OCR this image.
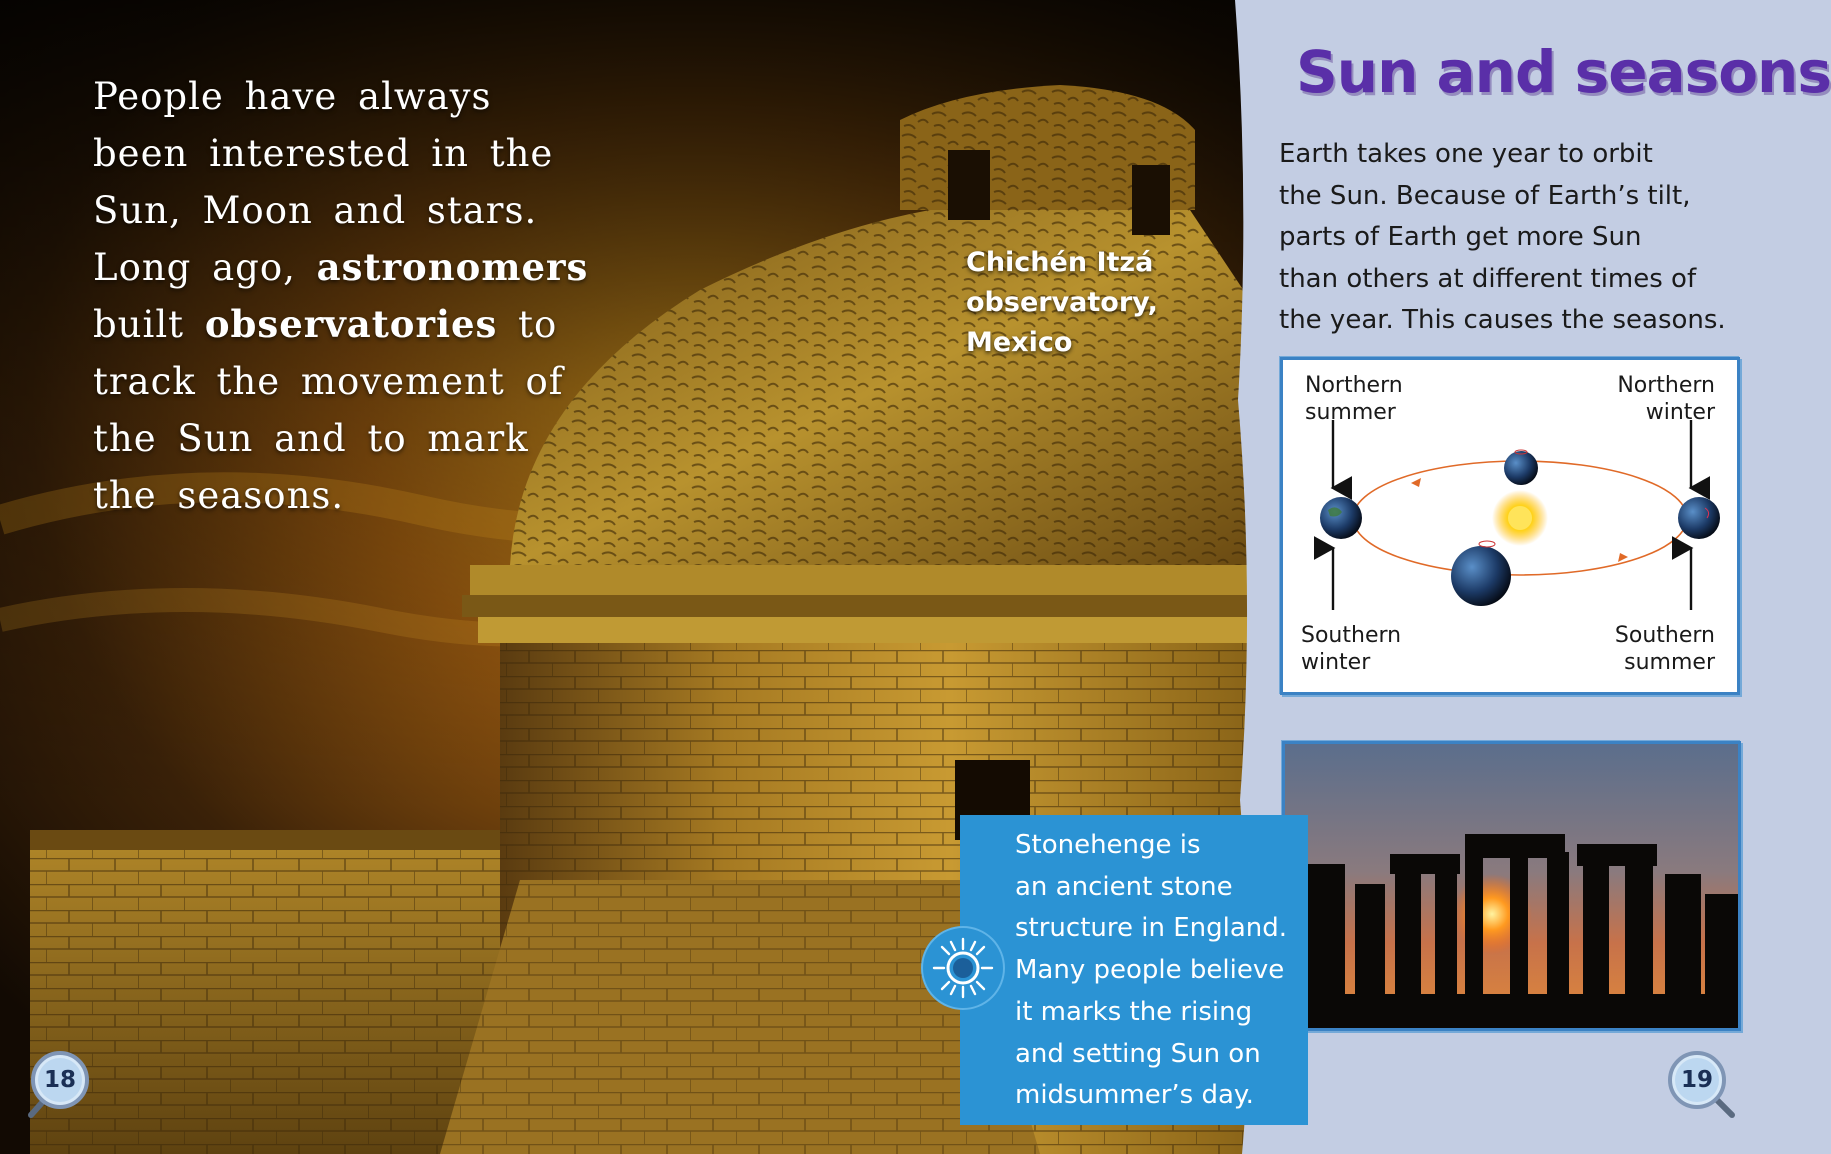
People have always
been interested in the
Sun, Moon and stars.
Long ago, astronomers
built observatories to
track the movement of
the Sun and to mark
the seasons.

Chichén Itzá
observatory,
Mexico
Sun and seasons

Earth takes one year to orbit
the Sun. Because of Earth’s tilt,
parts of Earth get more Sun
than others at different times of
the year. This causes the seasons.

Northern
summer
Northern
winter
Southern
winter
Southern
summer

Stonehenge is
an ancient stone
structure in England.
Many people believe
it marks the rising
and setting Sun on
midsummer’s day.

18	19
